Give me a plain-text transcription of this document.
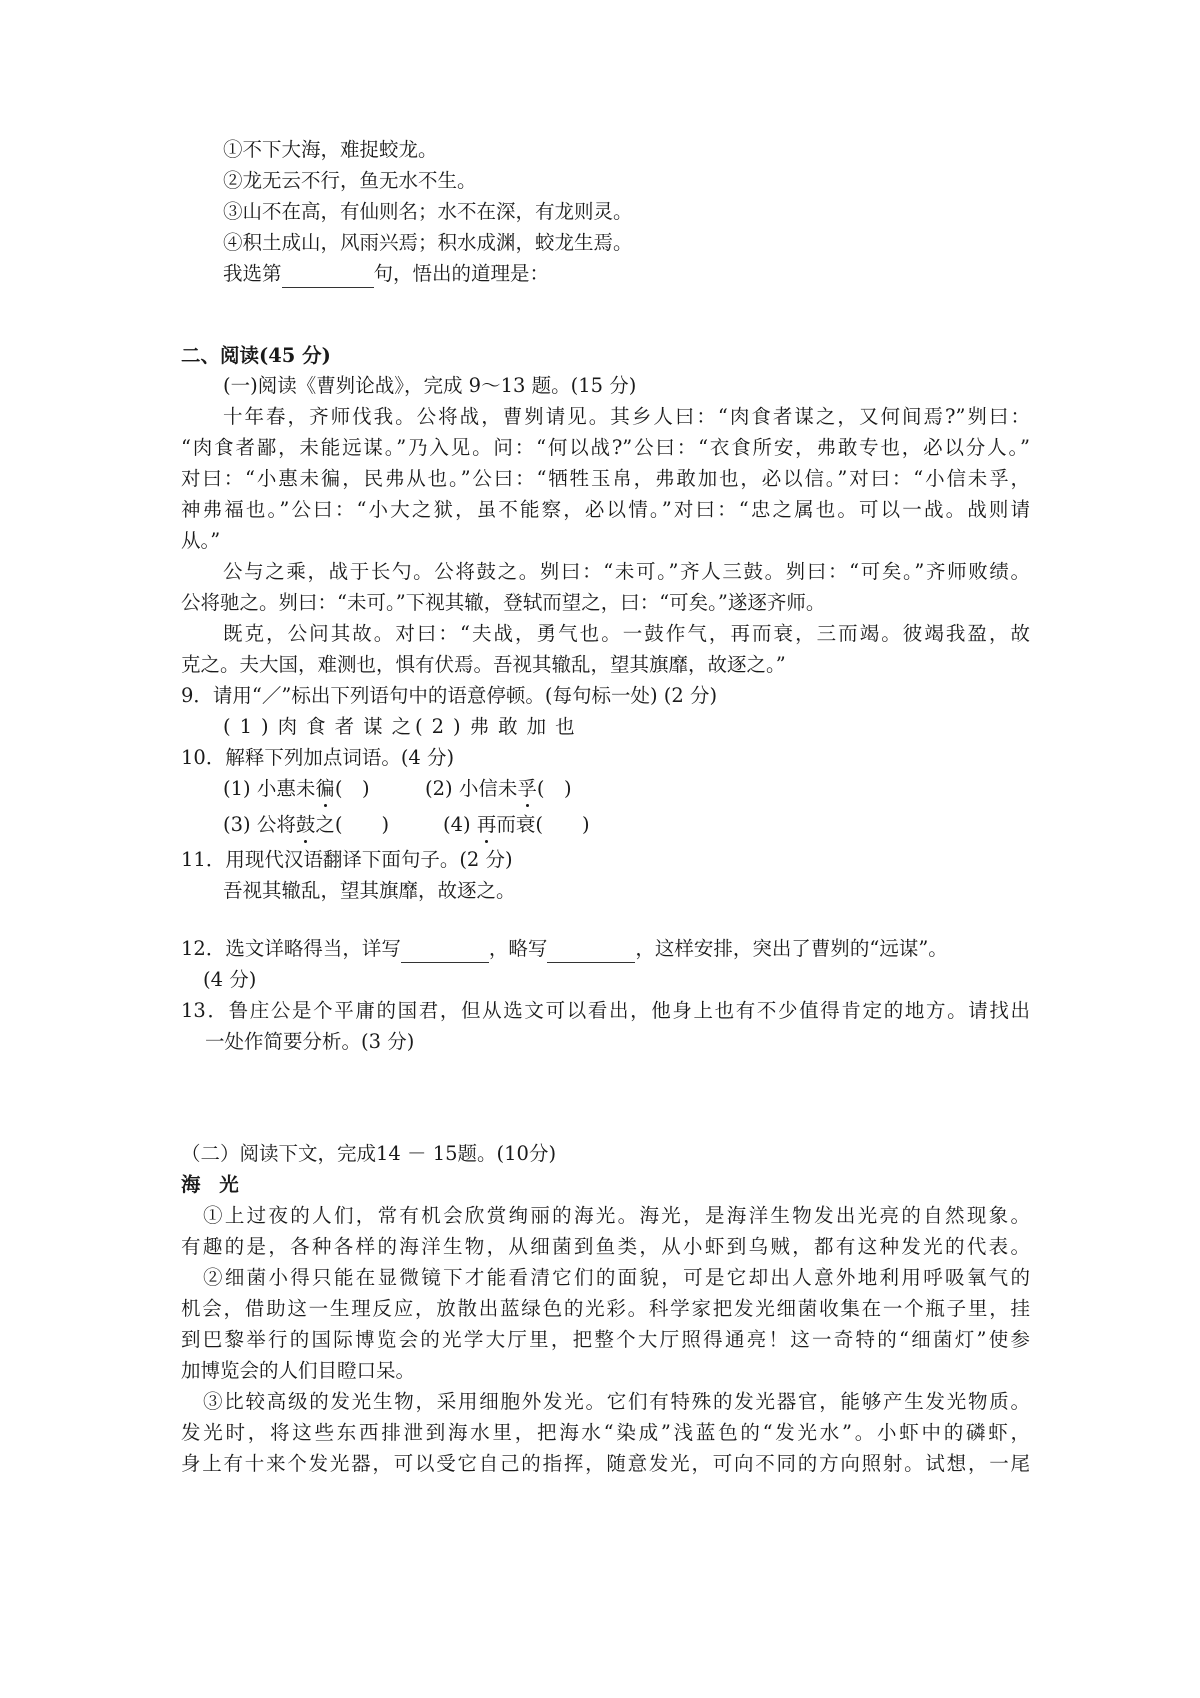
①不下大海，难捉蛟龙。
②龙无云不行，鱼无水不生。
③山不在高，有仙则名；水不在深，有龙则灵。
④积土成山，风雨兴焉；积水成渊，蛟龙生焉。
我选第	句，悟出的道理是：
二、阅读(45 分)
(一)阅读《曹刿论战》，完成 9～13 题。(15 分)
十年春，齐师伐我。公将战，曹刿请见。其乡人曰：“肉食者谋之，又何间焉?”刿曰：
“肉食者鄙，未能远谋。”乃入见。问：“何以战?”公曰：“衣食所安，弗敢专也，必以分人。”
对曰：“小惠未徧，民弗从也。”公曰：“牺牲玉帛，弗敢加也，必以信。”对曰：“小信未孚，
神弗福也。”公曰：“小大之狱，虽不能察，必以情。”对曰：“忠之属也。可以一战。战则请
从。”
公与之乘，战于长勺。公将鼓之。刿曰：“未可。”齐人三鼓。刿曰：“可矣。”齐师败绩。
公将驰之。刿曰：“未可。”下视其辙，登轼而望之，曰：“可矣。”遂逐齐师。
既克，公问其故。对曰：“夫战，勇气也。一鼓作气，再而衰，三而竭。彼竭我盈，故
克之。夫大国，难测也，惧有伏焉。吾视其辙乱，望其旗靡，故逐之。”
9．请用“／”标出下列语句中的语意停顿。(每句标一处) (2 分)
(1)肉食者谋之
(2)弗敢加也
10．解释下列加点词语。(4 分)
(1) 小惠未徧(　)	(2) 小信未孚(　)
(3) 公将鼓之(　　)	(4) 再而衰(　　)
11．用现代汉语翻译下面句子。(2 分)
吾视其辙乱，望其旗靡，故逐之。
12．选文详略得当，详写	，略写	，这样安排，突出了曹刿的“远谋”。
(4 分)
13．鲁庄公是个平庸的国君，但从选文可以看出，他身上也有不少值得肯定的地方。请找出
一处作简要分析。(3 分)
（二）阅读下文，完成14 － 15题。(10分)
海 光
①上过夜的人们，常有机会欣赏绚丽的海光。海光，是海洋生物发出光亮的自然现象。
有趣的是，各种各样的海洋生物，从细菌到鱼类，从小虾到乌贼，都有这种发光的代表。
②细菌小得只能在显微镜下才能看清它们的面貌，可是它却出人意外地利用呼吸氧气的
机会，借助这一生理反应，放散出蓝绿色的光彩。科学家把发光细菌收集在一个瓶子里，挂
到巴黎举行的国际博览会的光学大厅里，把整个大厅照得通亮！这一奇特的“细菌灯”使参
加博览会的人们目瞪口呆。
③比较高级的发光生物，采用细胞外发光。它们有特殊的发光器官，能够产生发光物质。
发光时，将这些东西排泄到海水里，把海水“染成”浅蓝色的“发光水”。小虾中的磷虾，
身上有十来个发光器，可以受它自己的指挥，随意发光，可向不同的方向照射。试想，一尾
